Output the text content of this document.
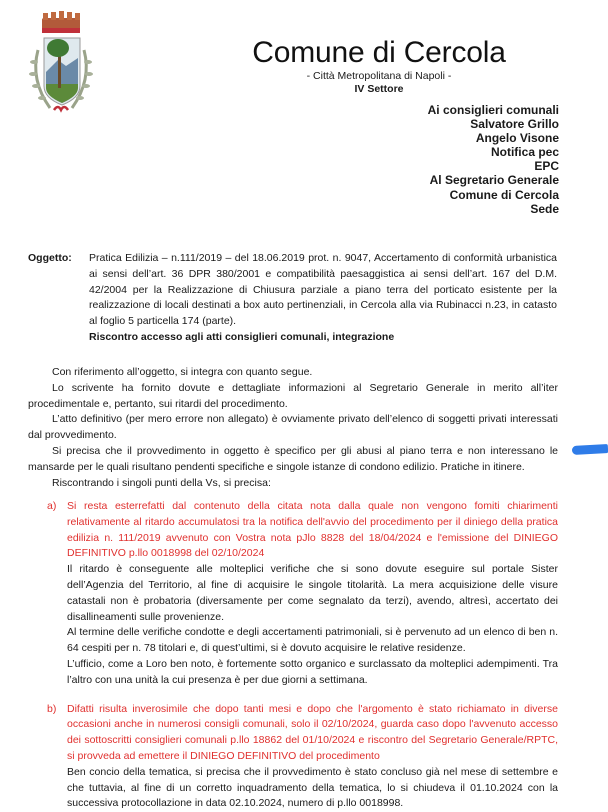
Comune di Cercola
- Città Metropolitana di Napoli -
IV Settore
Ai consiglieri comunali
Salvatore Grillo
Angelo Visone
Notifica pec
EPC
Al Segretario Generale
Comune di Cercola
Sede
Oggetto: Pratica Edilizia – n.111/2019 – del 18.06.2019 prot. n. 9047, Accertamento di conformità urbanistica ai sensi dell’art. 36 DPR 380/2001 e compatibilità paesaggistica ai sensi dell’art. 167 del D.M. 42/2004 per la Realizzazione di Chiusura parziale a piano terra del porticato esistente per la realizzazione di locali destinati a box auto pertinenziali, in Cercola alla via Rubinacci n.23, in catasto al foglio 5 particella 174 (parte).
Riscontro accesso agli atti consiglieri comunali, integrazione

Con riferimento all’oggetto, si integra con quanto segue.

Lo scrivente ha fornito dovute e dettagliate informazioni al Segretario Generale in merito all’iter procedimentale e, pertanto, sui ritardi del procedimento.

L’atto definitivo (per mero errore non allegato) è ovviamente privato dell’elenco di soggetti privati interessati dal provvedimento.

Si precisa che il provvedimento in oggetto è specifico per gli abusi al piano terra e non interessano le mansarde per le quali risultano pendenti specifiche e singole istanze di condono edilizio. Pratiche in itinere.

Riscontrando i singoli punti della Vs, si precisa:

a) Si resta esterrefatti dal contenuto della citata nota dalla quale non vengono fomiti chiarimenti relativamente al ritardo accumulatosi tra la notifica dell'avvio del procedimento per il diniego della pratica edilizia n. 111/2019 avvenuto con Vostra nota pJlo 8828 del 18/04/2024 e l'emissione del DINIEGO DEFINITIVO p.llo 0018998 del 02/10/2024
Il ritardo è conseguente alle molteplici verifiche che si sono dovute eseguire sul portale Sister dell’Agenzia del Territorio, al fine di acquisire le singole titolarità. La mera acquisizione delle visure catastali non è probatoria (diversamente per come segnalato da terzi), avendo, altresì, accertato dei disallineamenti sulle provenienze.
Al termine delle verifiche condotte e degli accertamenti patrimoniali, si è pervenuto ad un elenco di ben n. 64 cespiti per n. 78 titolari e, di quest’ultimi, si è dovuto acquisire le relative residenze.
L’ufficio, come a Loro ben noto, è fortemente sotto organico e surclassato da molteplici adempimenti. Tra l’altro con una unità la cui presenza è per due giorni a settimana.
b) Difatti risulta inverosimile che dopo tanti mesi e dopo che l'argomento è stato richiamato in diverse occasioni anche in numerosi consigli comunali, solo il 02/10/2024, guarda caso dopo l'avvenuto accesso dei sottoscritti consiglieri comunali p.llo 18862 del 01/10/2024 e riscontro del Segretario Generale/RPTC, si provveda ad emettere il DINIEGO DEFINITIVO del procedimento
Ben concio della tematica, si precisa che il provvedimento è stato concluso già nel mese di settembre e che tuttavia, al fine di un corretto inquadramento della tematica, lo si chiudeva il 01.10.2024 con la successiva protocollazione in data 02.10.2024, numero di p.llo 0018998.
